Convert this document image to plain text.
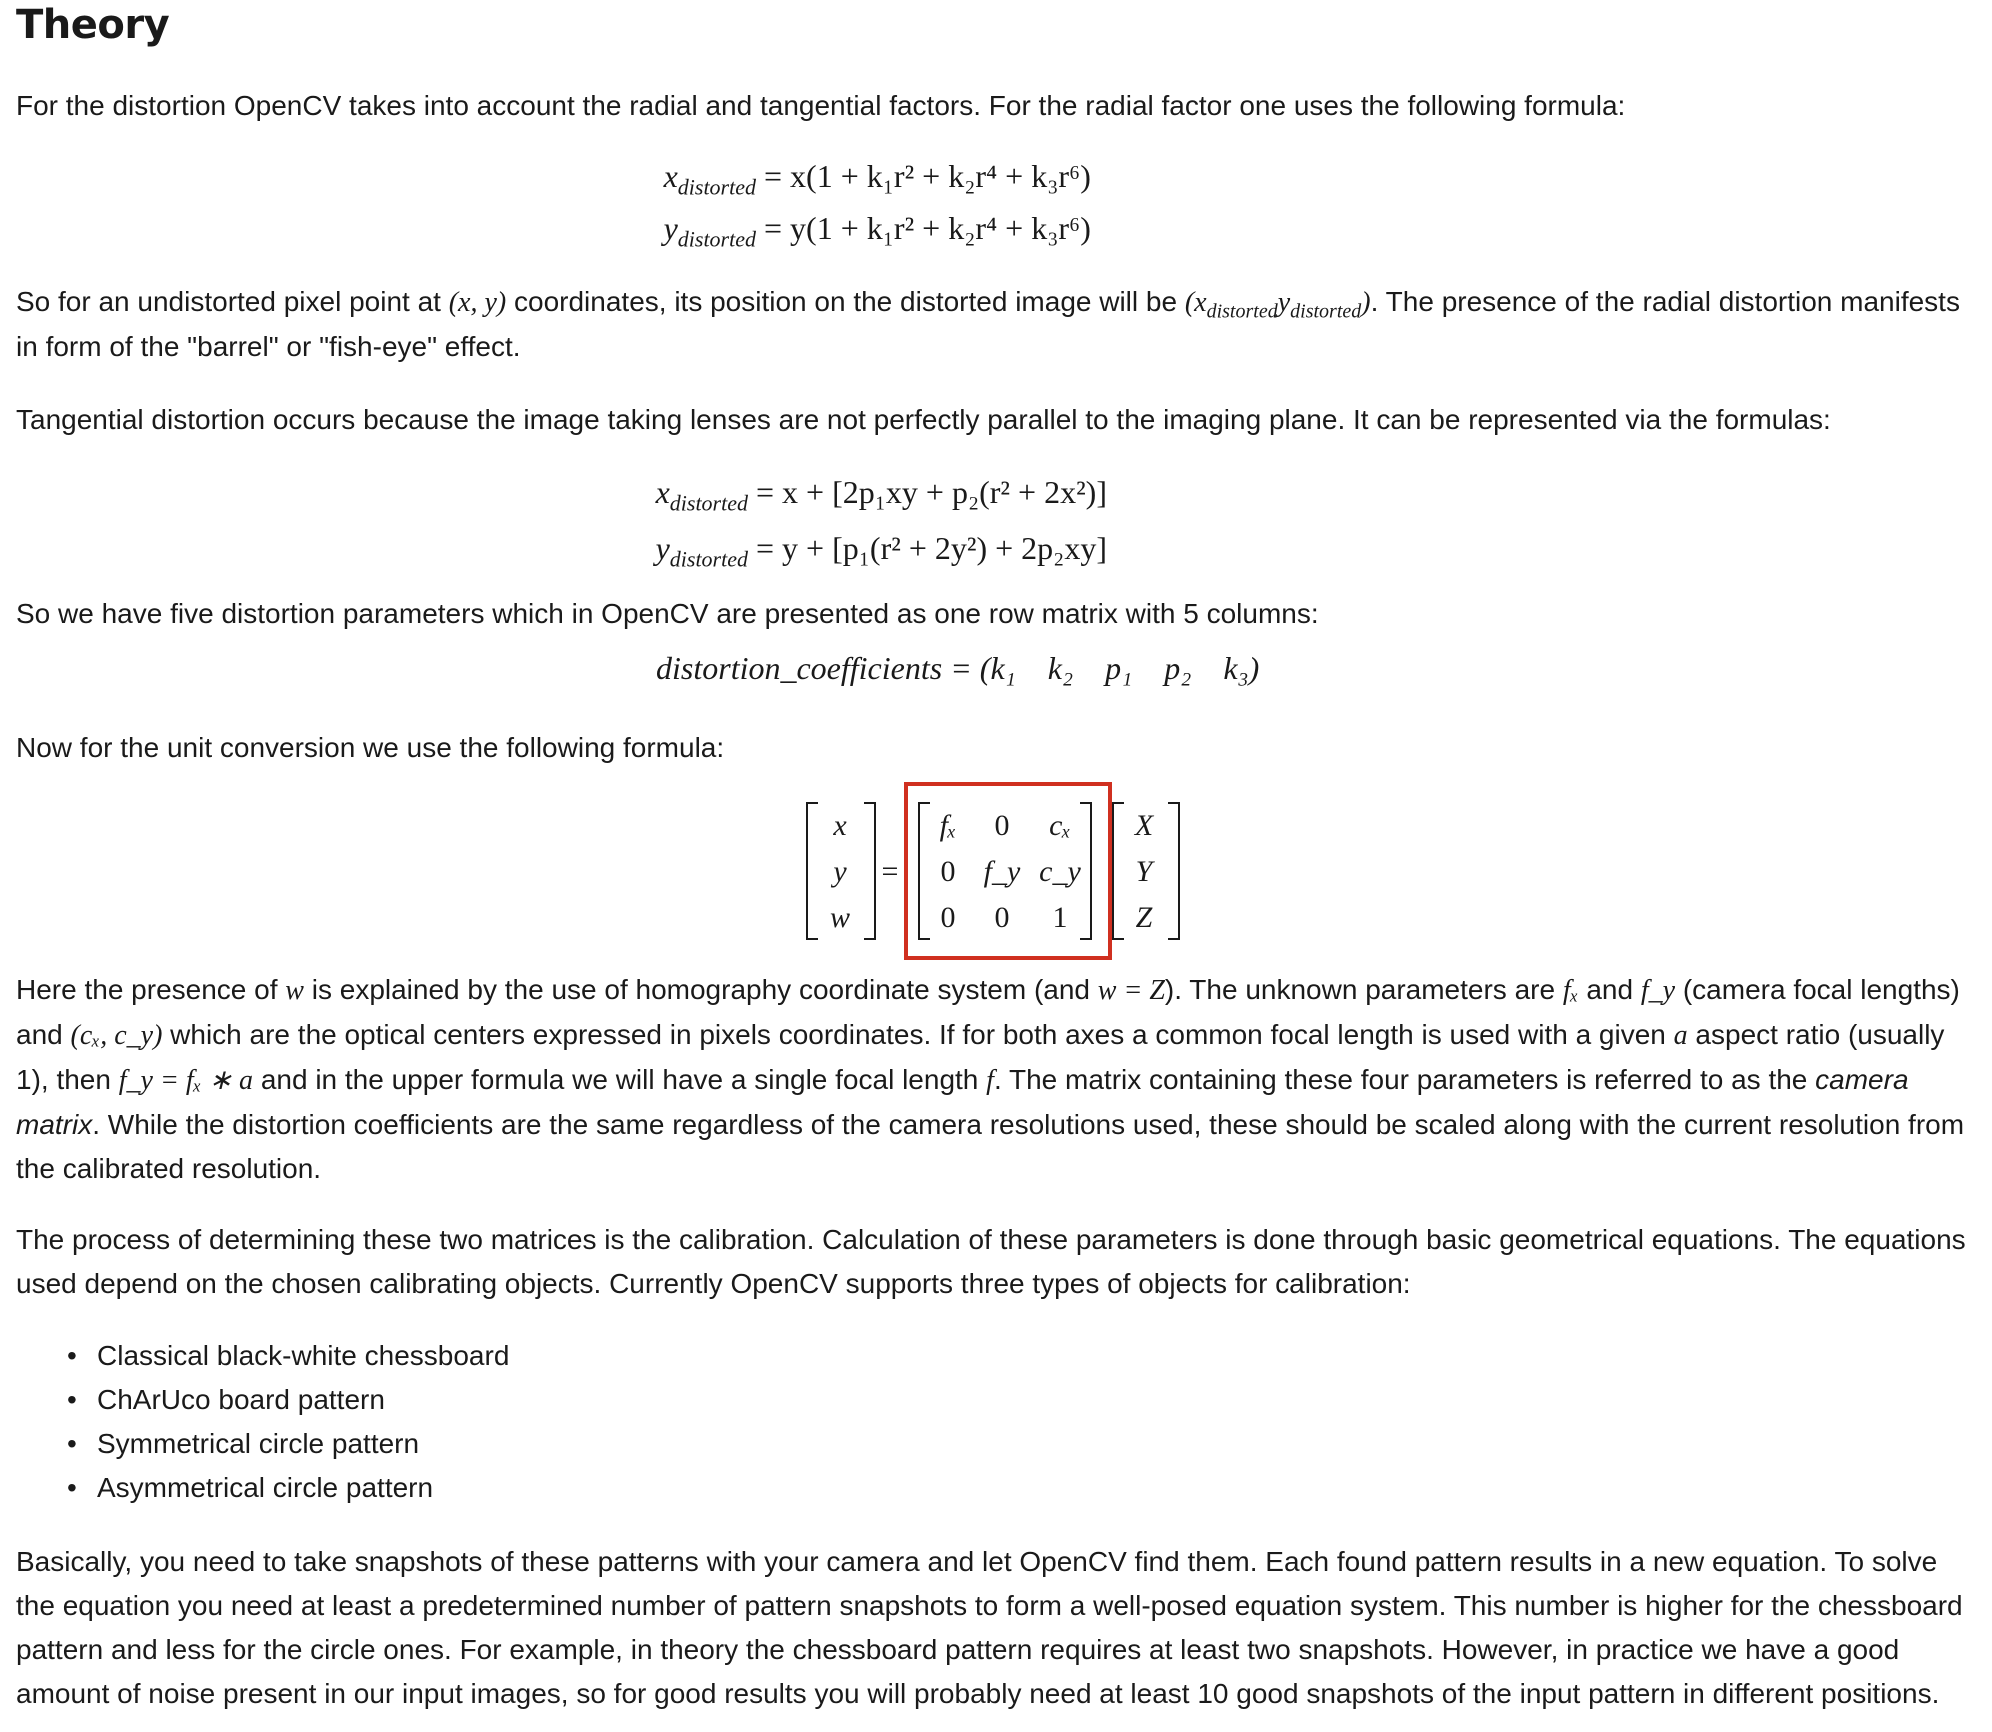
Theory

For the distortion OpenCV takes into account the radial and tangential factors. For the radial factor one uses the following formula:

$x_{distorted} = x(1 + k_1r^2 + k_2r^4 + k_3r^6)$
$y_{distorted} = y(1 + k_1r^2 + k_2r^4 + k_3r^6)$

So for an undistorted pixel point at (x, y) coordinates, its position on the distorted image will be $(x_{distorted}y_{distorted})$. The presence of the radial distortion manifests in form of the "barrel" or "fish-eye" effect.

Tangential distortion occurs because the image taking lenses are not perfectly parallel to the imaging plane. It can be represented via the formulas:

$x_{distorted} = x + [2p_1xy + p_2(r^2 + 2x^2)]$
$y_{distorted} = y + [p_1(r^2 + 2y^2) + 2p_2xy]$

So we have five distortion parameters which in OpenCV are presented as one row matrix with 5 columns:

distortion_coefficients = (k₁    k₂    p₁    p₂    k₃)

Now for the unit conversion we use the following formula:

x
y
w
=
fₓ	0	cₓ
0 f_y c_y
0	0	1
X
Y
Z

Here the presence of w is explained by the use of homography coordinate system (and w = Z). The unknown parameters are fₓ and f_y (camera focal lengths) and (cₓ, c_y) which are the optical centers expressed in pixels coordinates. If for both axes a common focal length is used with a given a aspect ratio (usually 1), then f_y = fₓ ∗ a and in the upper formula we will have a single focal length f. The matrix containing these four parameters is referred to as the camera matrix. While the distortion coefficients are the same regardless of the camera resolutions used, these should be scaled along with the current resolution from the calibrated resolution.

The process of determining these two matrices is the calibration. Calculation of these parameters is done through basic geometrical equations. The equations used depend on the chosen calibrating objects. Currently OpenCV supports three types of objects for calibration:

• Classical black-white chessboard
• ChArUco board pattern
• Symmetrical circle pattern
• Asymmetrical circle pattern

Basically, you need to take snapshots of these patterns with your camera and let OpenCV find them. Each found pattern results in a new equation. To solve the equation you need at least a predetermined number of pattern snapshots to form a well-posed equation system. This number is higher for the chessboard pattern and less for the circle ones. For example, in theory the chessboard pattern requires at least two snapshots. However, in practice we have a good amount of noise present in our input images, so for good results you will probably need at least 10 good snapshots of the input pattern in different positions.
